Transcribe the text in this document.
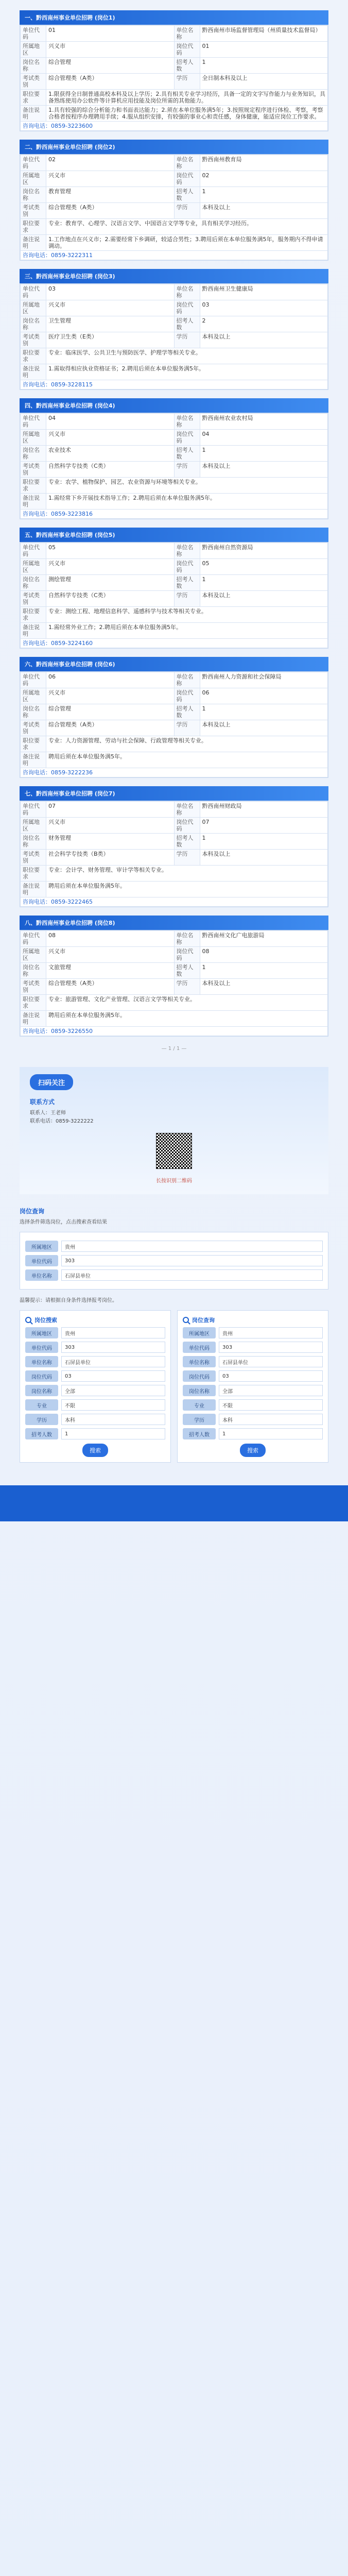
一、黔西南州事业单位招聘 (岗位1)
单位代码	01	单位名称	黔西南州市场监督管理局（州质量技术监督局）
所属地区	兴义市	岗位代码	01
岗位名称	综合管理	招考人数	1
考试类别	综合管理类（A类）	学历	全日制本科及以上
职位要求	1.限获得全日制普通高校本科及以上学历；2.具有相关专业学习经历，具备一定的文字写作能力与业务知识，具备熟练使用办公软件等计算机应用技能及岗位所需的其他能力。		
备注说明	1.具有较强的综合分析能力和书面表达能力；2.须在本单位服务满5年；3.按照规定程序进行体检、考察，考察合格者按程序办理聘用手续；4.服从组织安排，有较强的事业心和责任感，身体健康，能适应岗位工作要求。		
咨询电话：0859-3223600			
二、黔西南州事业单位招聘 (岗位2)
单位代码	02	单位名称	黔西南州教育局
所属地区	兴义市	岗位代码	02
岗位名称	教育管理	招考人数	1
考试类别	综合管理类（A类）	学历	本科及以上
职位要求	专业：教育学、心理学、汉语言文学、中国语言文学等专业，具有相关学习经历。		
备注说明	1.工作地点在兴义市；2.需要经常下乡调研，较适合男性；3.聘用后须在本单位服务满5年，服务期内不得申请调动。		
咨询电话：0859-3222311			
三、黔西南州事业单位招聘 (岗位3)
单位代码	03	单位名称	黔西南州卫生健康局
所属地区	兴义市	岗位代码	03
岗位名称	卫生管理	招考人数	2
考试类别	医疗卫生类（E类）	学历	本科及以上
职位要求	专业：临床医学、公共卫生与预防医学、护理学等相关专业。		
备注说明	1.需取得相应执业资格证书；2.聘用后须在本单位服务满5年。		
咨询电话：0859-3228115			
四、黔西南州事业单位招聘 (岗位4)
单位代码	04	单位名称	黔西南州农业农村局
所属地区	兴义市	岗位代码	04
岗位名称	农业技术	招考人数	1
考试类别	自然科学专技类（C类）	学历	本科及以上
职位要求	专业：农学、植物保护、园艺、农业资源与环境等相关专业。		
备注说明	1.需经常下乡开展技术指导工作；2.聘用后须在本单位服务满5年。		
咨询电话：0859-3223816			
五、黔西南州事业单位招聘 (岗位5)
单位代码	05	单位名称	黔西南州自然资源局
所属地区	兴义市	岗位代码	05
岗位名称	测绘管理	招考人数	1
考试类别	自然科学专技类（C类）	学历	本科及以上
职位要求	专业：测绘工程、地理信息科学、遥感科学与技术等相关专业。		
备注说明	1.需经常外业工作；2.聘用后须在本单位服务满5年。		
咨询电话：0859-3224160			
六、黔西南州事业单位招聘 (岗位6)
单位代码	06	单位名称	黔西南州人力资源和社会保障局
所属地区	兴义市	岗位代码	06
岗位名称	综合管理	招考人数	1
考试类别	综合管理类（A类）	学历	本科及以上
职位要求	专业：人力资源管理、劳动与社会保障、行政管理等相关专业。		
备注说明	聘用后须在本单位服务满5年。		
咨询电话：0859-3222236			
七、黔西南州事业单位招聘 (岗位7)
单位代码	07	单位名称	黔西南州财政局
所属地区	兴义市	岗位代码	07
岗位名称	财务管理	招考人数	1
考试类别	社会科学专技类（B类）	学历	本科及以上
职位要求	专业：会计学、财务管理、审计学等相关专业。		
备注说明	聘用后须在本单位服务满5年。		
咨询电话：0859-3222465			
八、黔西南州事业单位招聘 (岗位8)
单位代码	08	单位名称	黔西南州文化广电旅游局
所属地区	兴义市	岗位代码	08
岗位名称	文旅管理	招考人数	1
考试类别	综合管理类（A类）	学历	本科及以上
职位要求	专业：旅游管理、文化产业管理、汉语言文学等相关专业。		
备注说明	聘用后须在本单位服务满5年。		
咨询电话：0859-3226550			
— 1 / 1 —
扫码关注
联系方式
联系人：王老师
联系电话：0859-3222222
长按识别二维码
岗位查询
选择条件筛选岗位，点击搜索查看结果
所属地区	贵州
单位代码	303
单位名称	石屏县单位
温馨提示：请根据自身条件选择报考岗位。
岗位搜索
所属地区	贵州
单位代码	303
单位名称	石屏县单位
岗位代码	03
岗位名称	全部
专业	不限
学历	本科
招考人数	1
搜索
岗位查询
所属地区	贵州
单位代码	303
单位名称	石屏县单位
岗位代码	03
岗位名称	全部
专业	不限
学历	本科
招考人数	1
搜索
